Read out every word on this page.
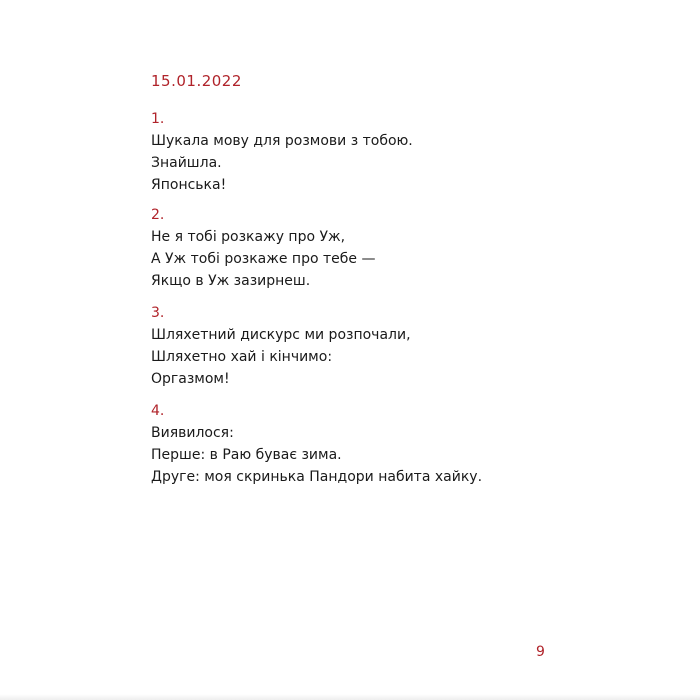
15.01.2022
1.
Шукала мову для розмови з тобою.
Знайшла.
Японська!
2.
Не я тобі розкажу про Уж,
А Уж тобі розкаже про тебе —
Якщо в Уж зазирнеш.
3.
Шляхетний дискурс ми розпочали,
Шляхетно хай і кінчимо:
Оргазмом!
4.
Виявилося:
Перше: в Раю буває зима.
Друге: моя скринька Пандори набита хайку.
9
